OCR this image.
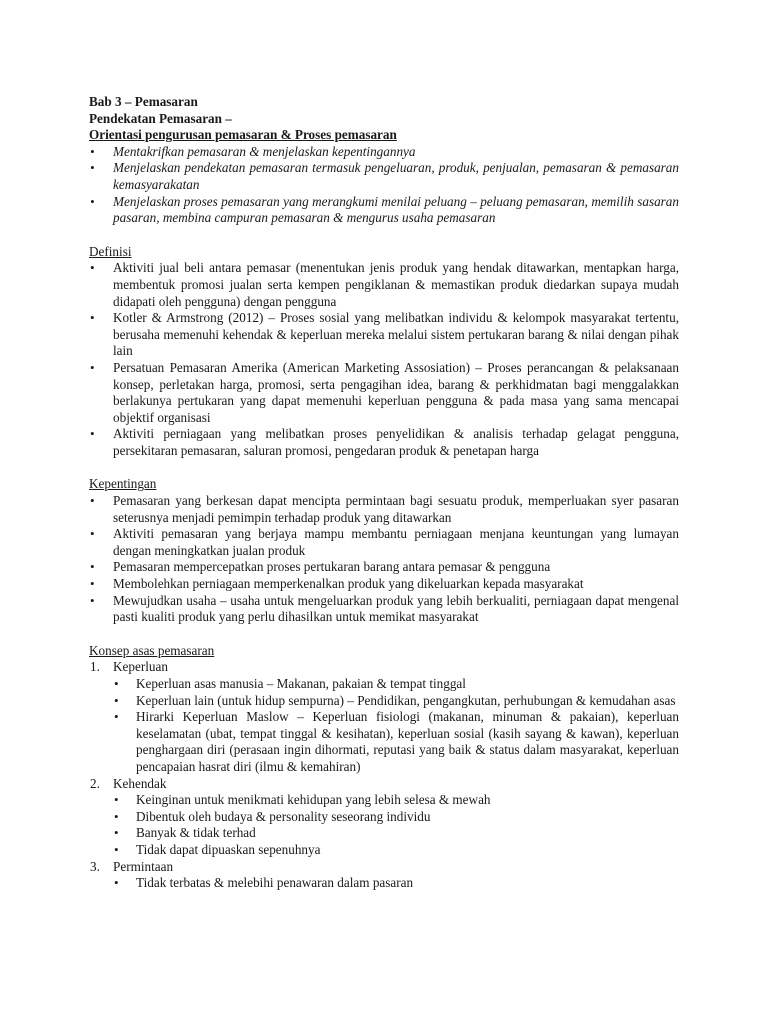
Bab 3 – Pemasaran
Pendekatan Pemasaran –
Orientasi pengurusan pemasaran & Proses pemasaran
• Mentakrifkan pemasaran & menjelaskan kepentingannya
• Menjelaskan pendekatan pemasaran termasuk pengeluaran, produk, penjualan, pemasaran & pemasaran kemasyarakatan
• Menjelaskan proses pemasaran yang merangkumi menilai peluang – peluang pemasaran, memilih sasaran pasaran, membina campuran pemasaran & mengurus usaha pemasaran
Definisi
• Aktiviti jual beli antara pemasar (menentukan jenis produk yang hendak ditawarkan, mentapkan harga, membentuk promosi jualan serta kempen pengiklanan & memastikan produk diedarkan supaya mudah didapati oleh pengguna) dengan pengguna
• Kotler & Armstrong (2012) – Proses sosial yang melibatkan individu & kelompok masyarakat tertentu, berusaha memenuhi kehendak & keperluan mereka melalui sistem pertukaran barang & nilai dengan pihak lain
• Persatuan Pemasaran Amerika (American Marketing Assosiation) – Proses perancangan & pelaksanaan konsep, perletakan harga, promosi, serta pengagihan idea, barang & perkhidmatan bagi menggalakkan berlakunya pertukaran yang dapat memenuhi keperluan pengguna & pada masa yang sama mencapai objektif organisasi
• Aktiviti perniagaan yang melibatkan proses penyelidikan & analisis terhadap gelagat pengguna, persekitaran pemasaran, saluran promosi, pengedaran produk & penetapan harga
Kepentingan
• Pemasaran yang berkesan dapat mencipta permintaan bagi sesuatu produk, memperluakan syer pasaran seterusnya menjadi pemimpin terhadap produk yang ditawarkan
• Aktiviti pemasaran yang berjaya mampu membantu perniagaan menjana keuntungan yang lumayan dengan meningkatkan jualan produk
• Pemasaran mempercepatkan proses pertukaran barang antara pemasar & pengguna
• Membolehkan perniagaan memperkenalkan produk yang dikeluarkan kepada masyarakat
• Mewujudkan usaha – usaha untuk mengeluarkan produk yang lebih berkualiti, perniagaan dapat mengenal pasti kualiti produk yang perlu dihasilkan untuk memikat masyarakat
Konsep asas pemasaran
1. Keperluan
• Keperluan asas manusia – Makanan, pakaian & tempat tinggal
• Keperluan lain (untuk hidup sempurna) – Pendidikan, pengangkutan, perhubungan & kemudahan asas
• Hirarki Keperluan Maslow – Keperluan fisiologi (makanan, minuman & pakaian), keperluan keselamatan (ubat, tempat tinggal & kesihatan), keperluan sosial (kasih sayang & kawan), keperluan penghargaan diri (perasaan ingin dihormati, reputasi yang baik & status dalam masyarakat, keperluan pencapaian hasrat diri (ilmu & kemahiran)
2. Kehendak
• Keinginan untuk menikmati kehidupan yang lebih selesa & mewah
• Dibentuk oleh budaya & personality seseorang individu
• Banyak & tidak terhad
• Tidak dapat dipuaskan sepenuhnya
3. Permintaan
• Tidak terbatas & melebihi penawaran dalam pasaran
